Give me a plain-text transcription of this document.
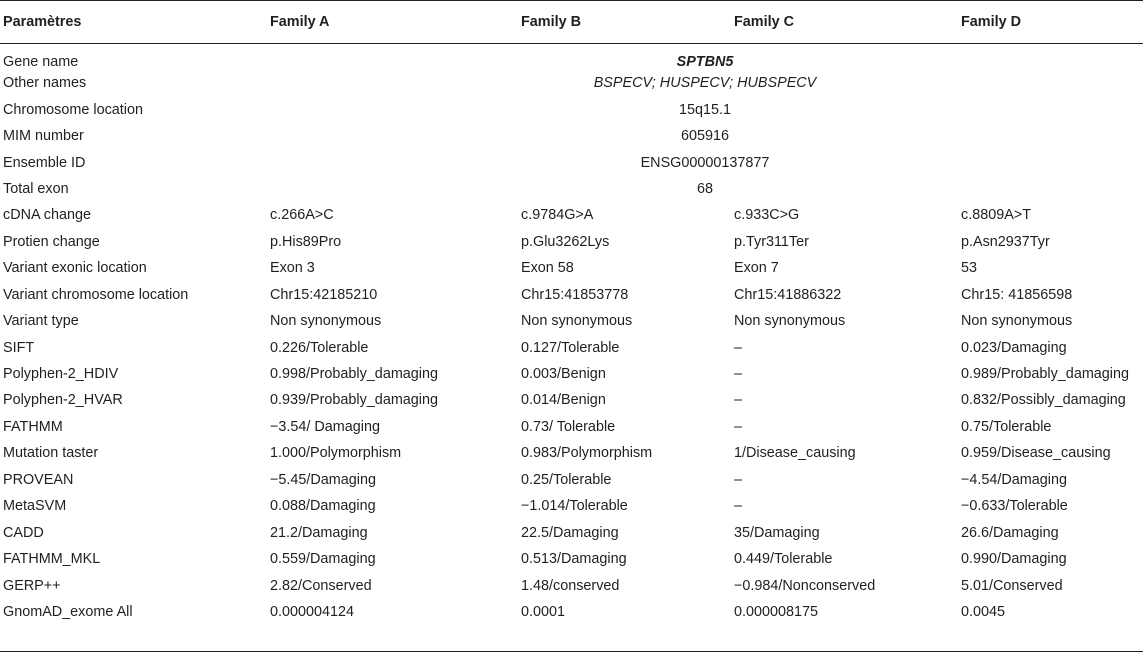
Paramètres	Family A	Family B	Family C	Family D
Gene name	SPTBN5			
Other names	BSPECV; HUSPECV; HUBSPECV			
Chromosome location	15q15.1			
MIM number	605916			
Ensemble ID	ENSG00000137877			
Total exon	68			
cDNA change	c.266A>C	c.9784G>A	c.933C>G	c.8809A>T
Protien change	p.His89Pro	p.Glu3262Lys	p.Tyr311Ter	p.Asn2937Tyr
Variant exonic location	Exon 3	Exon 58	Exon 7	53
Variant chromosome location	Chr15:42185210	Chr15:41853778	Chr15:41886322	Chr15: 41856598
Variant type	Non synonymous	Non synonymous	Non synonymous	Non synonymous
SIFT	0.226/Tolerable	0.127/Tolerable	–	0.023/Damaging
Polyphen-2_HDIV	0.998/Probably_damaging	0.003/Benign	–	0.989/Probably_damaging
Polyphen-2_HVAR	0.939/Probably_damaging	0.014/Benign	–	0.832/Possibly_damaging
FATHMM	−3.54/ Damaging	0.73/ Tolerable	–	0.75/Tolerable
Mutation taster	1.000/Polymorphism	0.983/Polymorphism	1/Disease_causing	0.959/Disease_causing
PROVEAN	−5.45/Damaging	0.25/Tolerable	–	−4.54/Damaging
MetaSVM	0.088/Damaging	−1.014/Tolerable	–	−0.633/Tolerable
CADD	21.2/Damaging	22.5/Damaging	35/Damaging	26.6/Damaging
FATHMM_MKL	0.559/Damaging	0.513/Damaging	0.449/Tolerable	0.990/Damaging
GERP++	2.82/Conserved	1.48/conserved	−0.984/Nonconserved	5.01/Conserved
GnomAD_exome All	0.000004124	0.0001	0.000008175	0.0045
